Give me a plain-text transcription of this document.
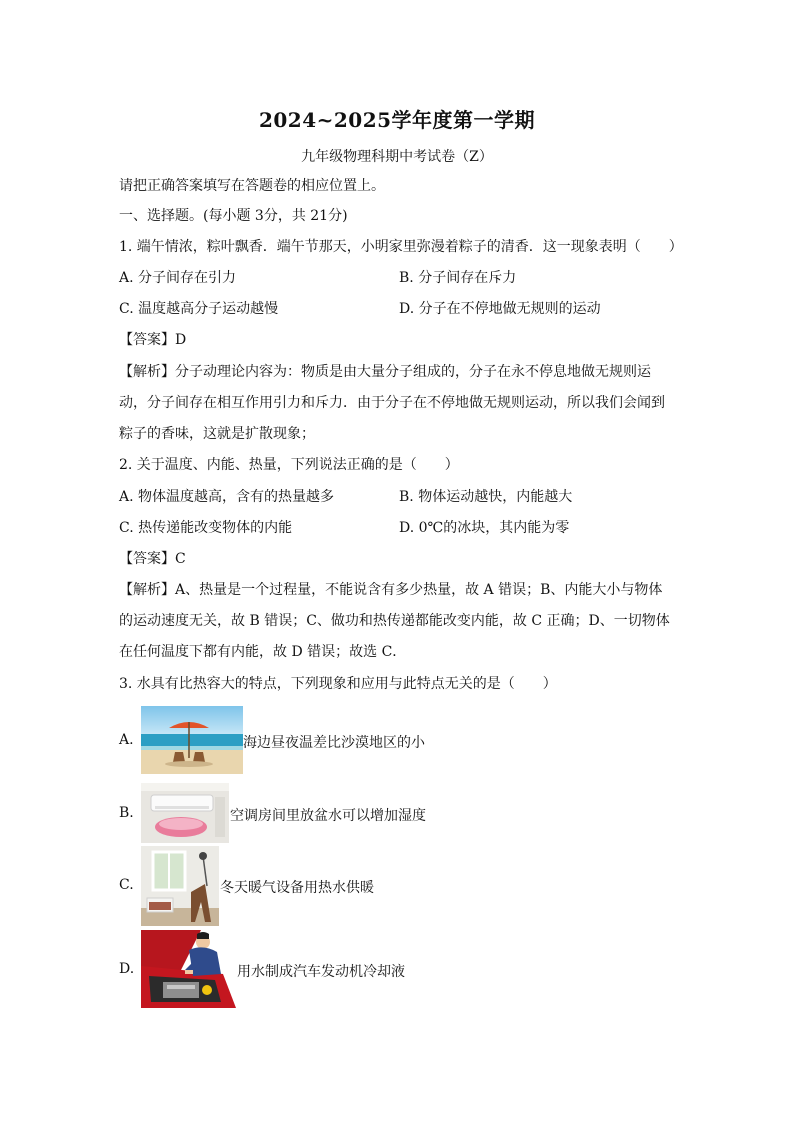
2024~2025学年度第一学期
九年级物理科期中考试卷（Z）
请把正确答案填写在答题卷的相应位置上。
一、选择题。(每小题 3分，共 21分)
1. 端午情浓，粽叶飘香．端午节那天，小明家里弥漫着粽子的清香．这一现象表明（　　）
A. 分子间存在引力	B. 分子间存在斥力
C. 温度越高分子运动越慢	D. 分子在不停地做无规则的运动
【答案】D
【解析】分子动理论内容为：物质是由大量分子组成的，分子在永不停息地做无规则运
动，分子间存在相互作用引力和斥力．由于分子在不停地做无规则运动，所以我们会闻到
粽子的香味，这就是扩散现象；
2. 关于温度、内能、热量，下列说法正确的是（　　）
A. 物体温度越高，含有的热量越多	B. 物体运动越快，内能越大
C. 热传递能改变物体的内能	D. 0℃的冰块，其内能为零
【答案】C
【解析】A、热量是一个过程量，不能说含有多少热量，故 A 错误；B、内能大小与物体
的运动速度无关，故 B 错误；C、做功和热传递都能改变内能，故 C 正确；D、一切物体
在任何温度下都有内能，故 D 错误；故选 C．
3. 水具有比热容大的特点，下列现象和应用与此特点无关的是（　　）
A.	海边昼夜温差比沙漠地区的小
B.	空调房间里放盆水可以增加湿度
C.	冬天暖气设备用热水供暖
D.	用水制成汽车发动机冷却液
